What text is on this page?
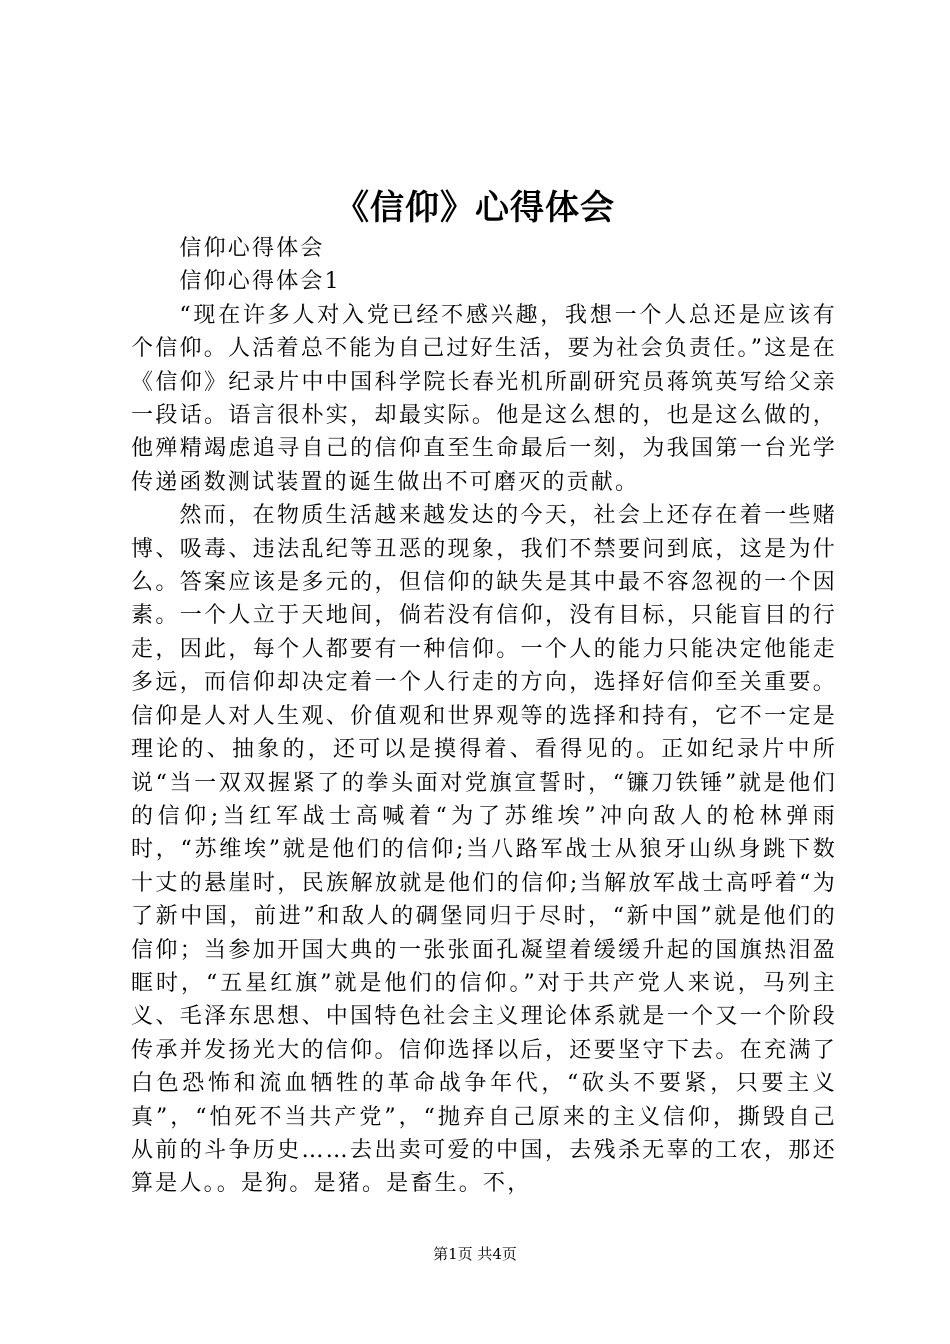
《信仰》心得体会

信仰心得体会

信仰心得体会1

“现在许多人对入党已经不感兴趣，我想一个人总还是应该有个信仰。人活着总不能为自己过好生活，要为社会负责任。”这是在《信仰》纪录片中中国科学院长春光机所副研究员蒋筑英写给父亲一段话。语言很朴实，却最实际。他是这么想的，也是这么做的，他殚精竭虑追寻自己的信仰直至生命最后一刻，为我国第一台光学传递函数测试装置的诞生做出不可磨灭的贡献。

然而，在物质生活越来越发达的今天，社会上还存在着一些赌博、吸毒、违法乱纪等丑恶的现象，我们不禁要问到底，这是为什么。答案应该是多元的，但信仰的缺失是其中最不容忽视的一个因素。一个人立于天地间，倘若没有信仰，没有目标，只能盲目的行走，因此，每个人都要有一种信仰。一个人的能力只能决定他能走多远，而信仰却决定着一个人行走的方向，选择好信仰至关重要。信仰是人对人生观、价值观和世界观等的选择和持有，它不一定是理论的、抽象的，还可以是摸得着、看得见的。正如纪录片中所说“当一双双握紧了的拳头面对党旗宣誓时，“镰刀铁锤”就是他们的信仰;当红军战士高喊着“为了苏维埃”冲向敌人的枪林弹雨时，“苏维埃”就是他们的信仰;当八路军战士从狼牙山纵身跳下数十丈的悬崖时，民族解放就是他们的信仰;当解放军战士高呼着“为了新中国，前进”和敌人的碉堡同归于尽时，“新中国”就是他们的信仰；当参加开国大典的一张张面孔凝望着缓缓升起的国旗热泪盈眶时，“五星红旗”就是他们的信仰。”对于共产党人来说，马列主义、毛泽东思想、中国特色社会主义理论体系就是一个又一个阶段传承并发扬光大的信仰。信仰选择以后，还要坚守下去。在充满了白色恐怖和流血牺牲的革命战争年代，“砍头不要紧，只要主义真”，“怕死不当共产党”，“抛弃自己原来的主义信仰，撕毁自己从前的斗争历史……去出卖可爱的中国，去残杀无辜的工农，那还算是人。。是狗。是猪。是畜生。不，

第1页 共4页
